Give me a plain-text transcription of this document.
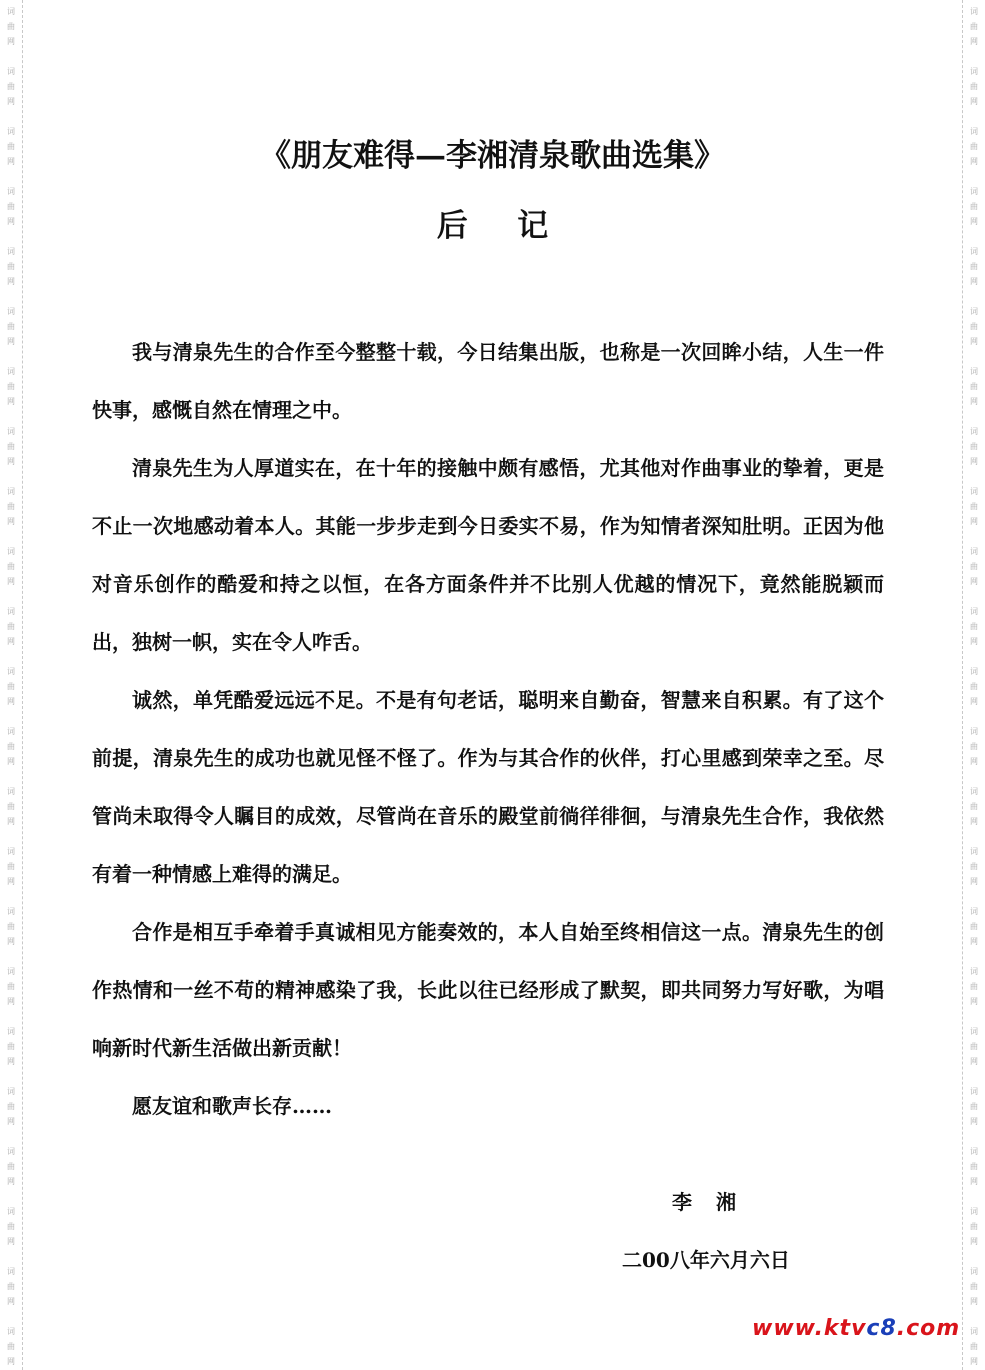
词
曲
网
词
曲
网
词
曲
网
词
曲
网
词
曲
网
词
曲
网
词
曲
网
词
曲
网
词
曲
网
词
曲
网
词
曲
网
词
曲
网
词
曲
网
词
曲
网
词
曲
网
词
曲
网
词
曲
网
词
曲
网
词
曲
网
词
曲
网
词
曲
网
词
曲
网
词
曲
网
词
曲
网
词
曲
网
词
曲
网
词
曲
网
词
曲
网
词
曲
网
词
曲
网
词
曲
网
词
曲
网
词
曲
网
词
曲
网
词
曲
网
词
曲
网
词
曲
网
词
曲
网
词
曲
网
词
曲
网
词
曲
网
词
曲
网
词
曲
网
词
曲
网
词
曲
网
词
曲
网
《朋友难得—李湘清泉歌曲选集》
后记

我与清泉先生的合作至今整整十载，今日结集出版，也称是一次回眸小结，人生一件快事，感慨自然在情理之中。

清泉先生为人厚道实在，在十年的接触中颇有感悟，尤其他对作曲事业的挚着，更是不止一次地感动着本人。其能一步步走到今日委实不易，作为知情者深知肚明。正因为他对音乐创作的酷爱和持之以恒，在各方面条件并不比别人优越的情况下，竟然能脱颖而出，独树一帜，实在令人咋舌。

诚然，单凭酷爱远远不足。不是有句老话，聪明来自勤奋，智慧来自积累。有了这个前提，清泉先生的成功也就见怪不怪了。作为与其合作的伙伴，打心里感到荣幸之至。尽管尚未取得令人瞩目的成效，尽管尚在音乐的殿堂前徜徉徘徊，与清泉先生合作，我依然有着一种情感上难得的满足。

合作是相互手牵着手真诚相见方能奏效的，本人自始至终相信这一点。清泉先生的创作热情和一丝不苟的精神感染了我，长此以往已经形成了默契，即共同努力写好歌，为唱响新时代新生活做出新贡献！

愿友谊和歌声长存……

李湘
二00八年六月六日
www.ktvc8.com
